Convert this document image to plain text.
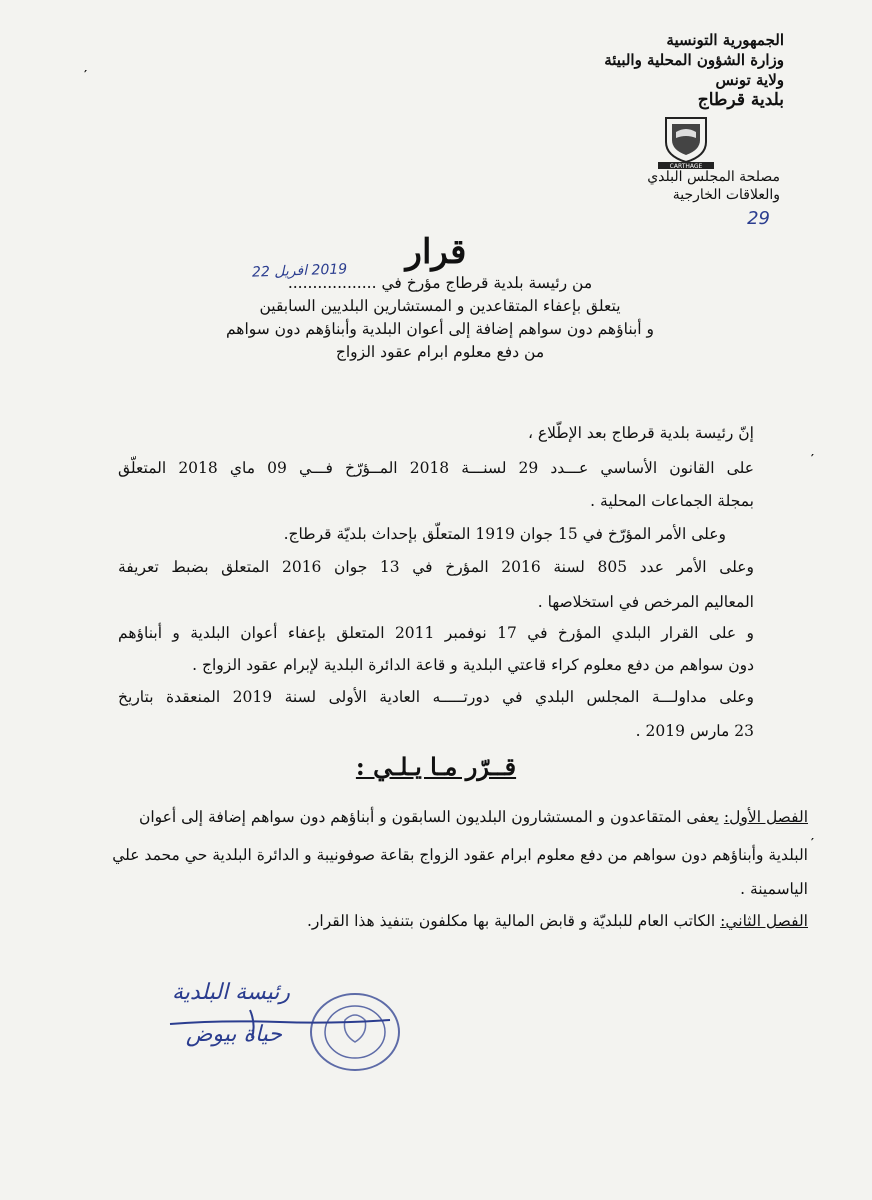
الجمهورية التونسية
وزارة الشؤون المحلية والبيئة
ولاية تونس
بلدية قرطاج
CARTHAGE
مصلحة المجلس البلدي
والعلاقات الخارجية
29
قرار
2019 افريل 22
من رئيسة بلدية قرطاج مؤرخ في ..................
يتعلق بإعفاء المتقاعدين و المستشارين البلديين السابقين
و أبناؤهم دون سواهم إضافة إلى أعوان البلدية وأبناؤهم دون سواهم
من دفع معلوم ابرام عقود الزواج
إنّ رئيسة بلدية قرطاج بعد الإطّلاع ،
على القانون الأساسي عـــدد 29 لسنـــة 2018 المــؤرّخ فـــي 09 ماي 2018 المتعلّق
بمجلة الجماعات المحلية .
وعلى الأمر المؤرّخ في 15 جوان 1919 المتعلّق بإحداث بلديّة قرطاج.
وعلى الأمر عدد 805 لسنة 2016 المؤرخ في 13 جوان 2016 المتعلق بضبط تعريفة
المعاليم المرخص في استخلاصها .
و على القرار البلدي المؤرخ في 17 نوفمبر 2011 المتعلق بإعفاء أعوان البلدية و أبناؤهم
دون سواهم من دفع معلوم كراء قاعتي البلدية و قاعة الدائرة البلدية لإبرام عقود الزواج .
وعلى مداولـــة المجلس البلدي في دورتـــــه العادية الأولى لسنة 2019 المنعقدة بتاريخ
23 مارس 2019 .
قــرّر مـا يـلـي :
الفصل الأول: يعفى المتقاعدون و المستشارون البلديون السابقون و أبناؤهم دون سواهم إضافة إلى أعوان
البلدية وأبناؤهم دون سواهم من دفع معلوم ابرام عقود الزواج بقاعة صوفونيبة و الدائرة البلدية حي محمد علي
الياسمينة .
الفصل الثاني: الكاتب العام للبلديّة و قابض المالية بها مكلفون بتنفيذ هذا القرار.
رئيسة البلدية
حياة بيوض
′
′
′
